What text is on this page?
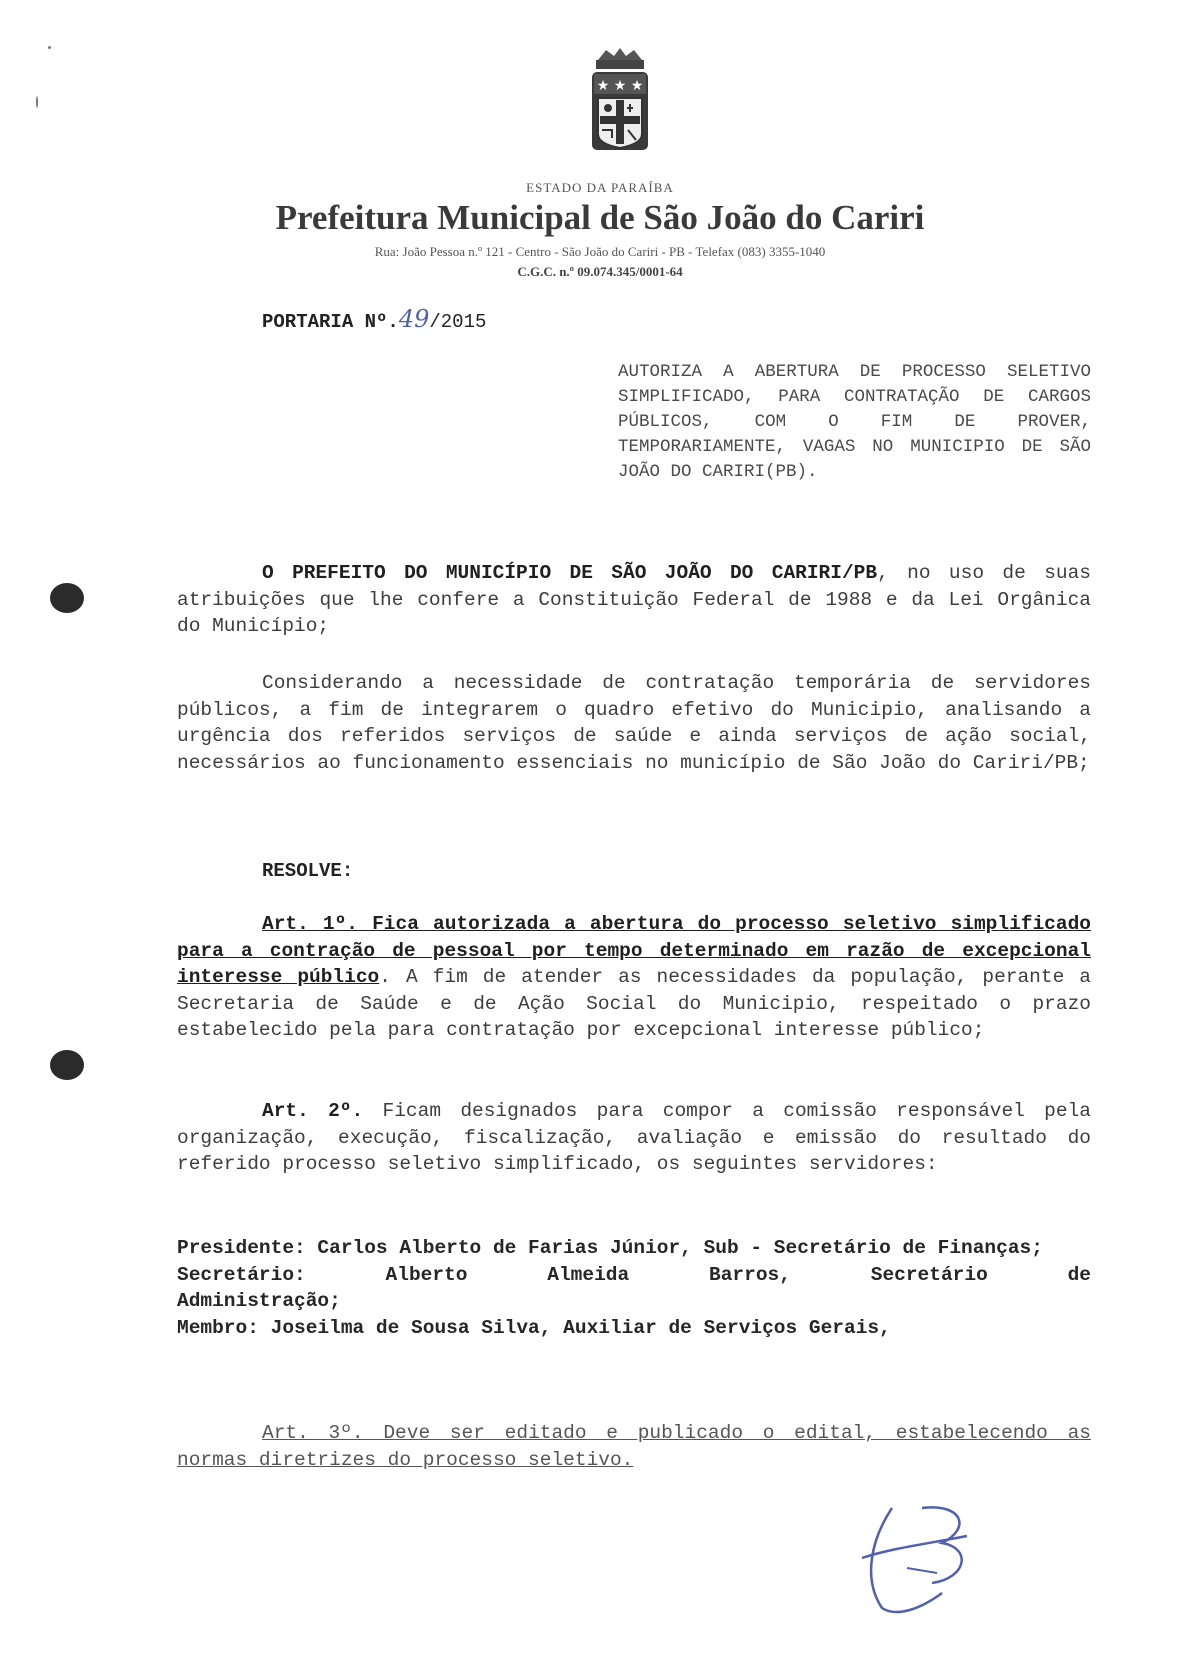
★ ★ ★
ESTADO DA PARAÍBA
Prefeitura Municipal de São João do Cariri
Rua: João Pessoa n.º 121 - Centro - São João do Cariri - PB - Telefax (083) 3355-1040
C.G.C. n.º 09.074.345/0001-64
PORTARIA Nº.49/2015
AUTORIZA A ABERTURA DE PROCESSO SELETIVO SIMPLIFICADO, PARA CONTRATAÇÃO DE CARGOS PÚBLICOS, COM O FIM DE PROVER, TEMPORARIAMENTE, VAGAS NO MUNICIPIO DE SÃO JOÃO DO CARIRI(PB).
O PREFEITO DO MUNICÍPIO DE SÃO JOÃO DO CARIRI/PB, no uso de suas atribuições que lhe confere a Constituição Federal de 1988 e da Lei Orgânica do Município;
Considerando a necessidade de contratação temporária de servidores públicos, a fim de integrarem o quadro efetivo do Municipio, analisando a urgência dos referidos serviços de saúde e ainda serviços de ação social, necessários ao funcionamento essenciais no município de São João do Cariri/PB;
RESOLVE:
Art. 1º. Fica autorizada a abertura do processo seletivo simplificado para a contração de pessoal por tempo determinado em razão de excepcional interesse público. A fim de atender as necessidades da população, perante a Secretaria de Saúde e de Ação Social do Municipio, respeitado o prazo estabelecido pela para contratação por excepcional interesse público;
Art. 2º. Ficam designados para compor a comissão responsável pela organização, execução, fiscalização, avaliação e emissão do resultado do referido processo seletivo simplificado, os seguintes servidores:

Presidente: Carlos Alberto de Farias Júnior, Sub - Secretário de Finanças;

Secretário:	Alberto	Almeida	Barros,	Secretário	de

Administração;

Membro: Joseilma de Sousa Silva, Auxiliar de Serviços Gerais,

Art. 3º. Deve ser editado e publicado o edital, estabelecendo as normas diretrizes do processo seletivo.
